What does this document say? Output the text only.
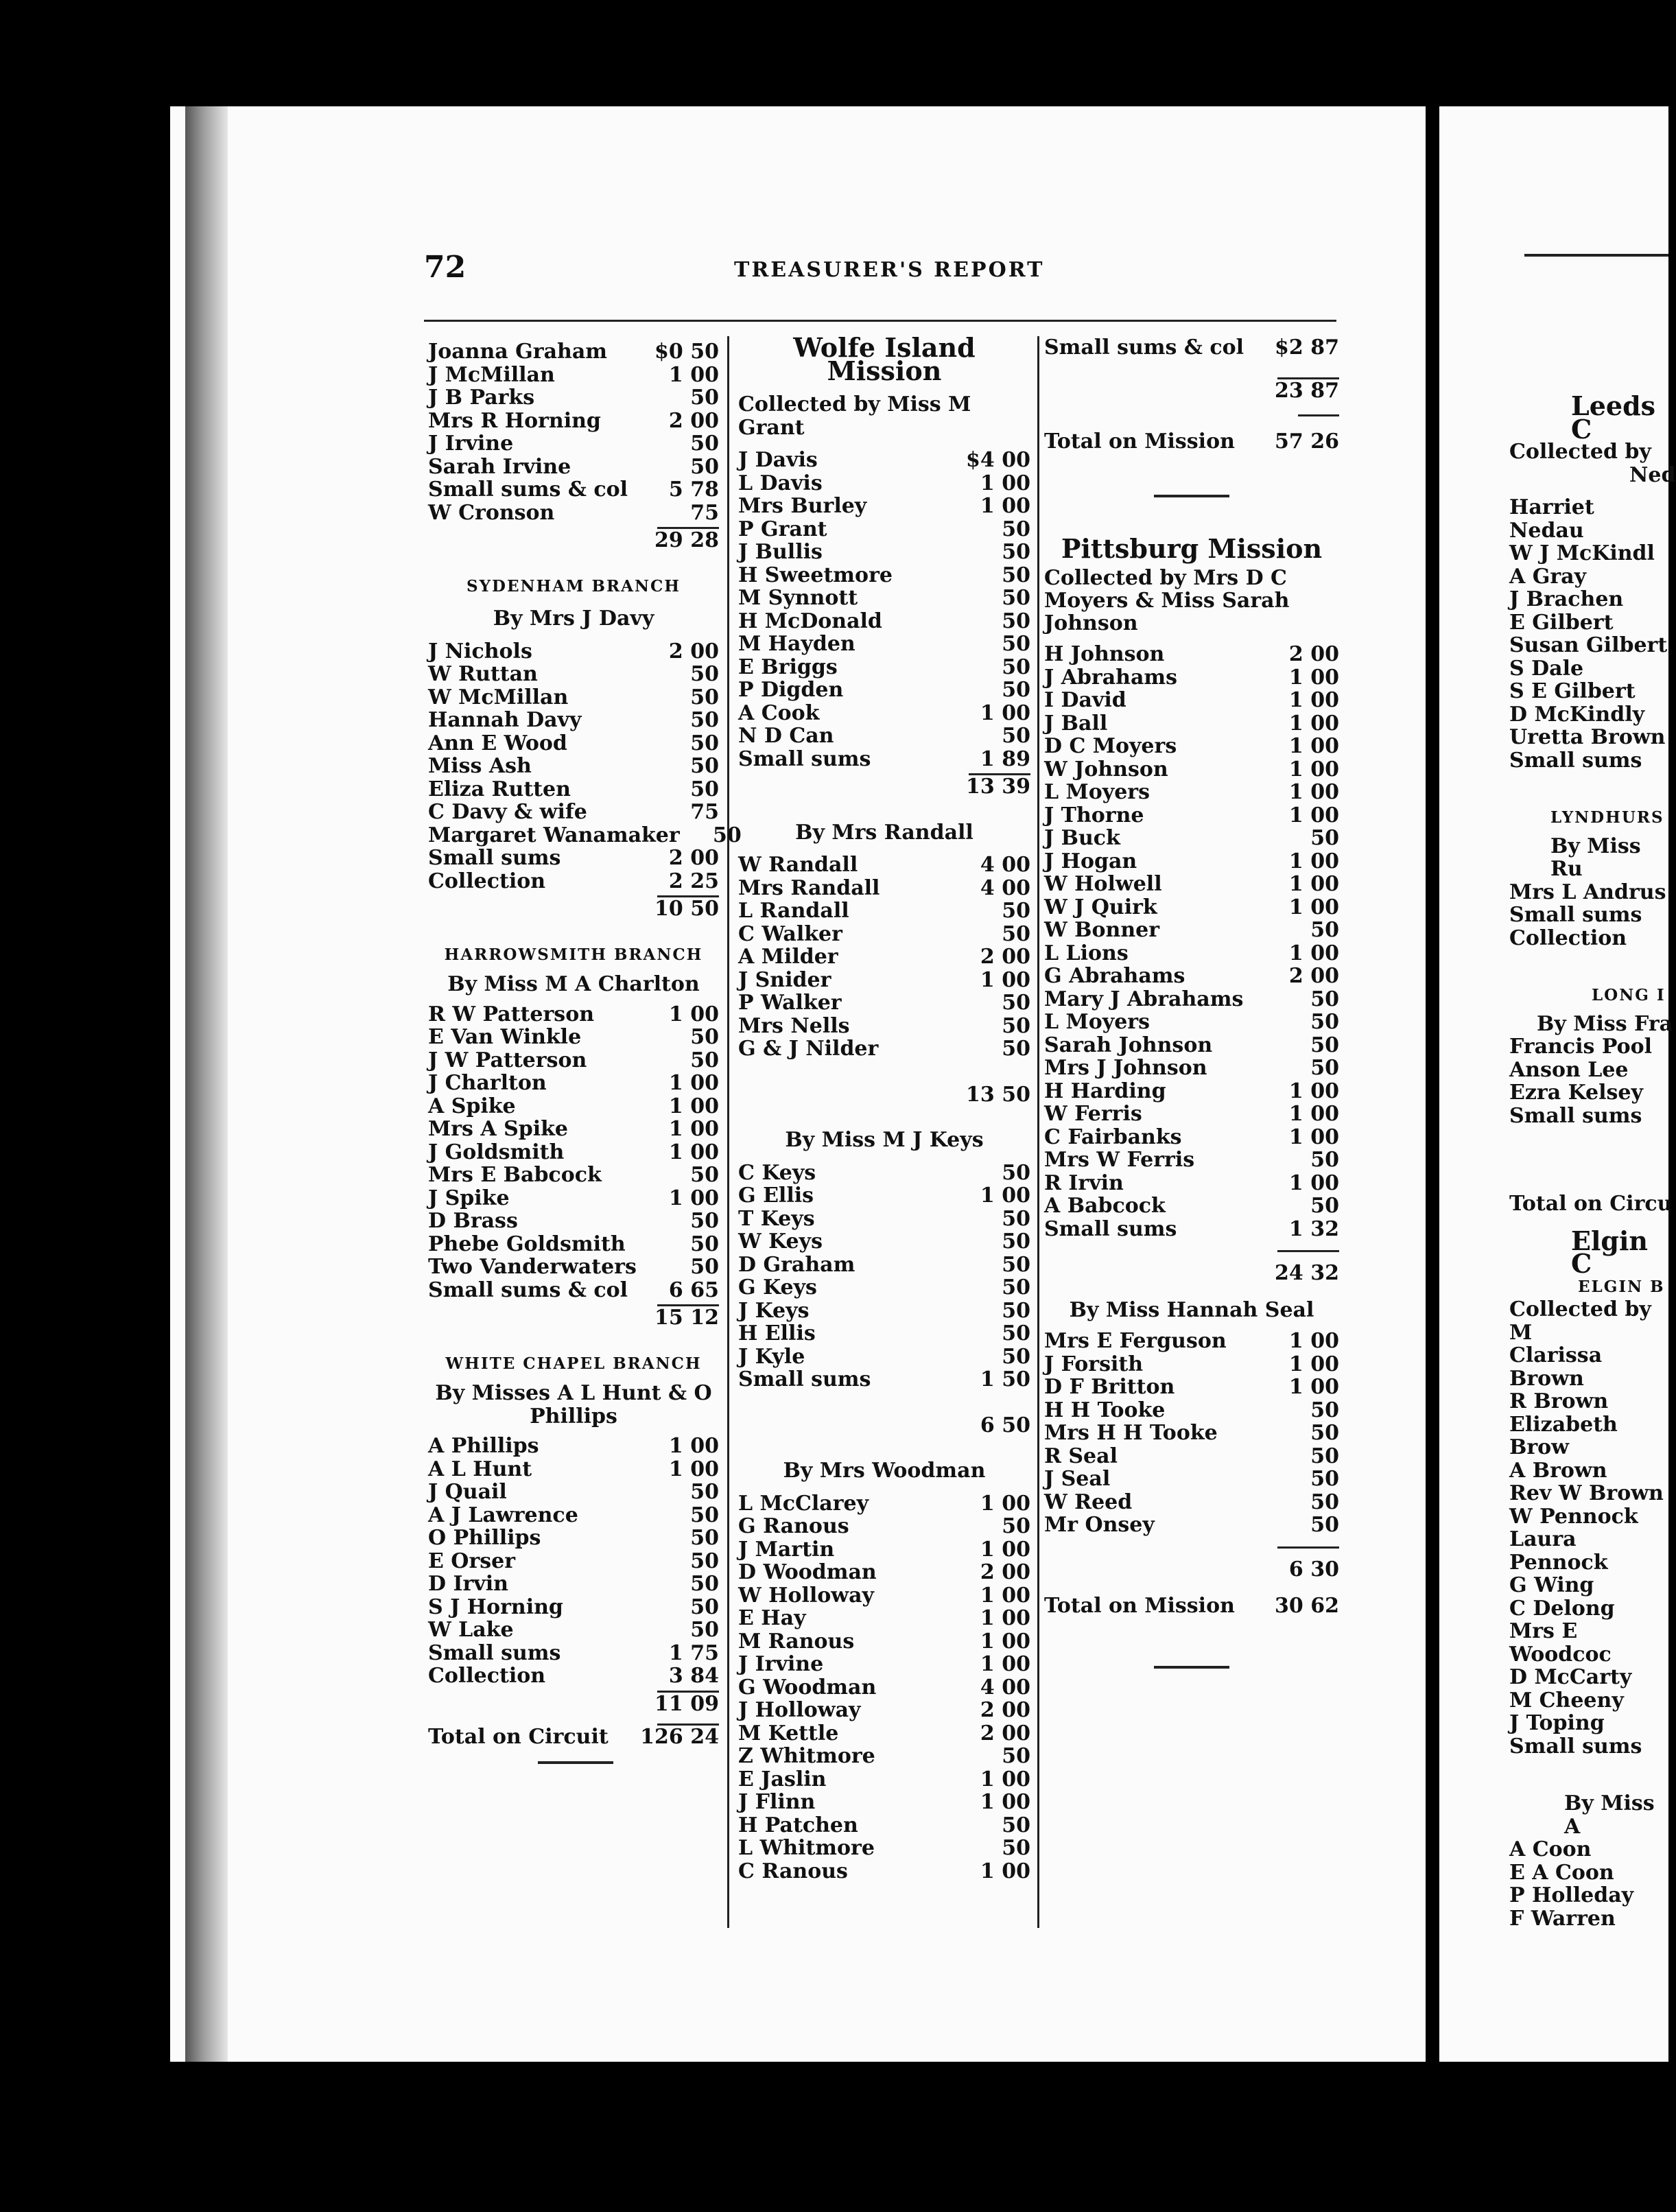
72	TREASURER'S REPORT
Joanna Graham $0 50
J McMillan	1 00
J B Parks	50
Mrs R Horning	2 00
J Irvine	50
Sarah Irvine	50
Small sums & col	5 78
W Cronson	75
29 28
SYDENHAM BRANCH
By Mrs J Davy
J Nichols	2 00
W Ruttan	50
W McMillan	50
Hannah Davy	50
Ann E Wood	50
Miss Ash	50
Eliza Rutten	50
C Davy & wife	75
Margaret Wanamaker	50
Small sums	2 00
Collection	2 25
10 50
HARROWSMITH BRANCH
By Miss M A Charlton
R W Patterson	1 00
E Van Winkle	50
J W Patterson	50
J Charlton	1 00
A Spike	1 00
Mrs A Spike	1 00
J Goldsmith	1 00
Mrs E Babcock	50
J Spike	1 00
D Brass	50
Phebe Goldsmith	50
Two Vanderwaters	50
Small sums & col	6 65
15 12
WHITE CHAPEL BRANCH
By Misses A L Hunt & O Phillips
A Phillips	1 00
A L Hunt	1 00
J Quail	50
A J Lawrence	50
O Phillips	50
E Orser	50
D Irvin	50
S J Horning	50
W Lake	50
Small sums	1 75
Collection	3 84
11 09
Total on Circuit 126 24
Wolfe Island Mission
Collected by Miss M Grant
J Davis	$4 00
L Davis	1 00
Mrs Burley	1 00
P Grant	50
J Bullis	50
H Sweetmore	50
M Synnott	50
H McDonald	50
M Hayden	50
E Briggs	50
P Digden	50
A Cook	1 00
N D Can	50
Small sums	1 89
13 39
By Mrs Randall
W Randall	4 00
Mrs Randall	4 00
L Randall	50
C Walker	50
A Milder	2 00
J Snider	1 00
P Walker	50
Mrs Nells	50
G & J Nilder	50
13 50
By Miss M J Keys
C Keys	50
G Ellis	1 00
T Keys	50
W Keys	50
D Graham	50
G Keys	50
J Keys	50
H Ellis	50
J Kyle	50
Small sums	1 50
6 50
By Mrs Woodman
L McClarey	1 00
G Ranous	50
J Martin	1 00
D Woodman	2 00
W Holloway	1 00
E Hay	1 00
M Ranous	1 00
J Irvine	1 00
G Woodman	4 00
J Holloway	2 00
M Kettle	2 00
Z Whitmore	50
E Jaslin	1 00
J Flinn	1 00
H Patchen	50
L Whitmore	50
C Ranous	1 00
Small sums & col $2 87
23 87
Total on Mission 57 26
Pittsburg Mission
Collected by Mrs D C Moyers & Miss Sarah Johnson
H Johnson	2 00
J Abrahams	1 00
I David	1 00
J Ball	1 00
D C Moyers	1 00
W Johnson	1 00
L Moyers	1 00
J Thorne	1 00
J Buck	50
J Hogan	1 00
W Holwell	1 00
W J Quirk	1 00
W Bonner	50
L Lions	1 00
G Abrahams	2 00
Mary J Abrahams	50
L Moyers	50
Sarah Johnson	50
Mrs J Johnson	50
H Harding	1 00
W Ferris	1 00
C Fairbanks	1 00
Mrs W Ferris	50
R Irvin	1 00
A Babcock	50
Small sums	1 32
24 32
By Miss Hannah Seal
Mrs E Ferguson	1 00
J Forsith	1 00
D F Britton	1 00
H H Tooke	50
Mrs H H Tooke	50
R Seal	50
J Seal	50
W Reed	50
Mr Onsey	50
6 30
Total on Mission 30 62
Leeds C
Collected by
Ned
Harriet Nedau
W J McKindl
A Gray
J Brachen
E Gilbert
Susan Gilbert
S Dale
S E Gilbert
D McKindly
Uretta Brown
Small sums
LYNDHURS
By Miss Ru
Mrs L Andrus
Small sums
Collection
LONG I
By Miss Fra
Francis Pool
Anson Lee
Ezra Kelsey
Small sums
Total on Circu
Elgin C
ELGIN B
Collected by M
Clarissa Brown
R Brown
Elizabeth Brow
A Brown
Rev W Brown
W Pennock
Laura Pennock
G Wing
C Delong
Mrs E Woodcoc
D McCarty
M Cheeny
J Toping
Small sums
By Miss A
A Coon
E A Coon
P Holleday
F Warren
